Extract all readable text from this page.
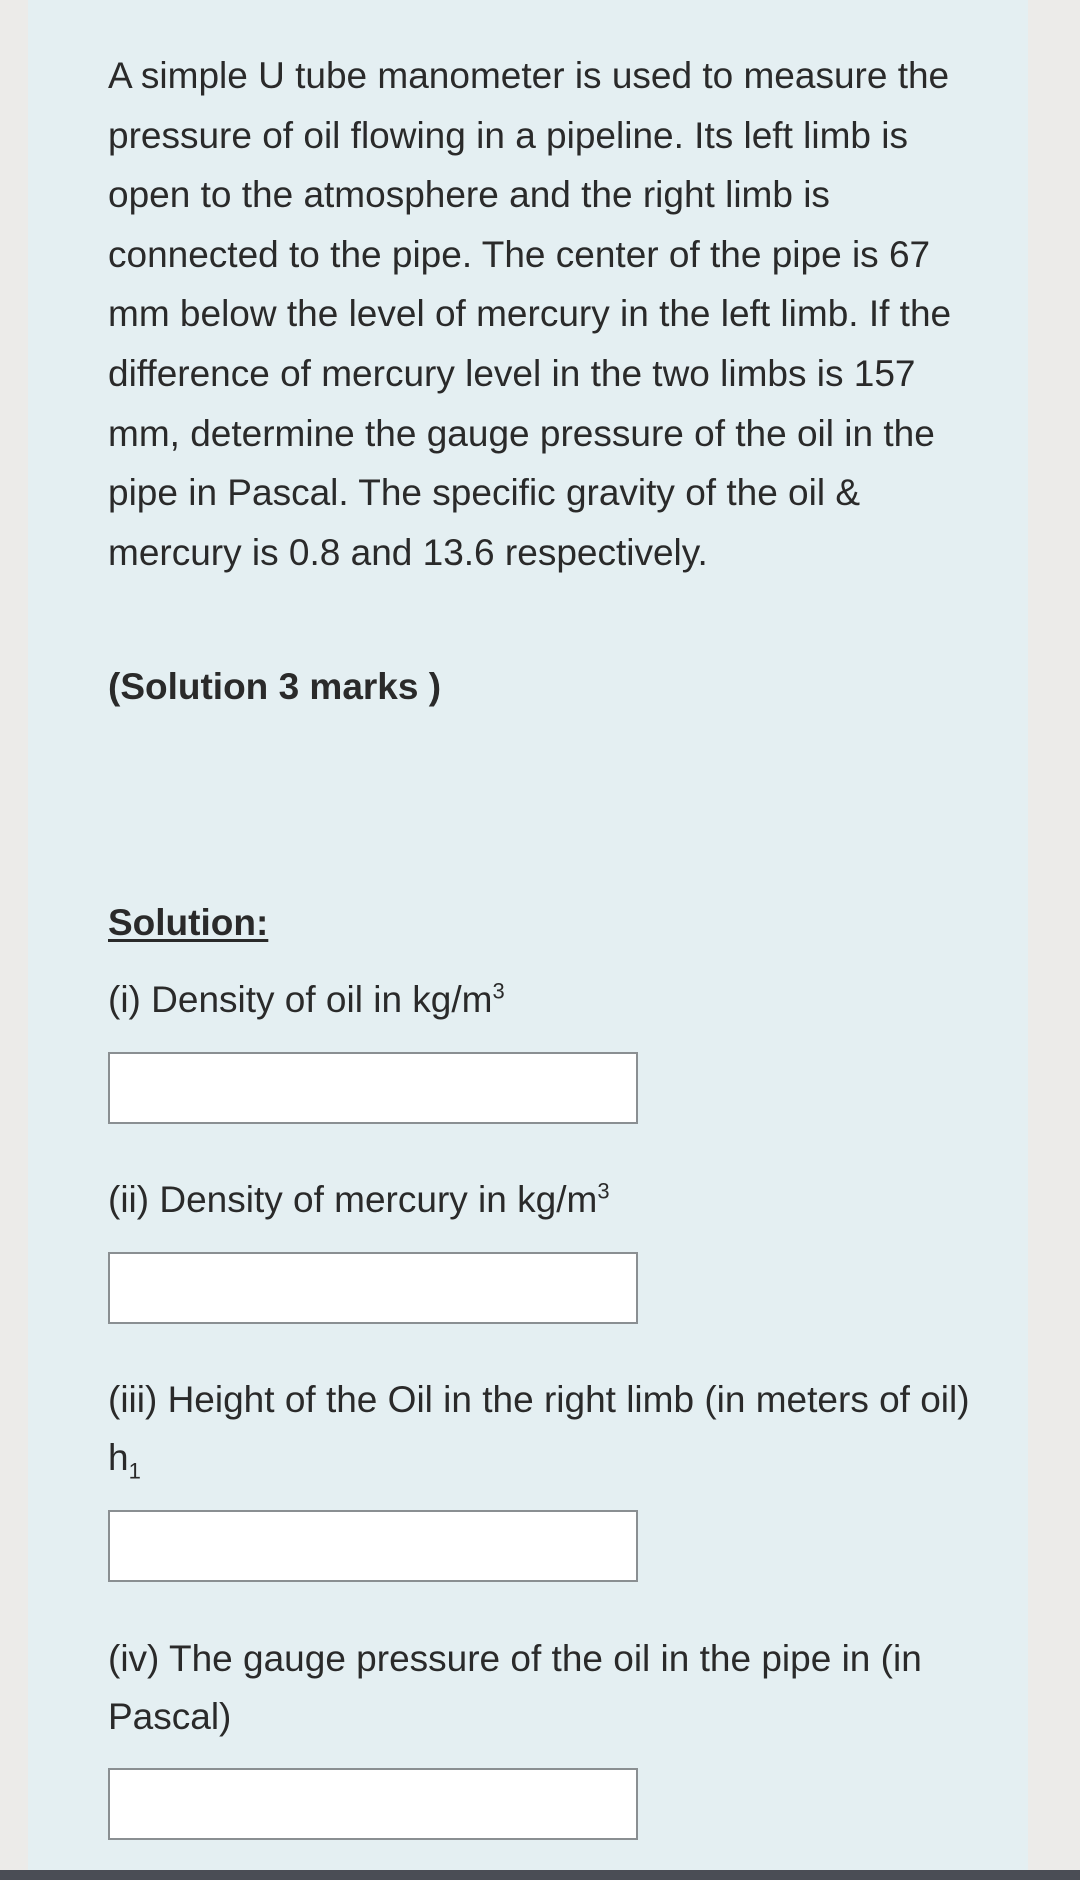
A simple U tube manometer is used to measure the pressure of oil flowing in a pipeline. Its left limb is open to the atmosphere and the right limb is connected to the pipe. The center of the pipe is 67 mm below the level of mercury in the left limb. If the difference of mercury level in the two limbs is 157 mm, determine the gauge pressure of the oil in the pipe in Pascal. The specific gravity of the oil & mercury is 0.8 and 13.6 respectively.

(Solution 3 marks )

Solution:

(i) Density of oil in $kg/m^3$

(ii) Density of mercury in $kg/m^3$

(iii) Height of the Oil in the right limb (in meters of oil) $h_1$

(iv) The gauge pressure of the oil in the pipe in (in Pascal)
